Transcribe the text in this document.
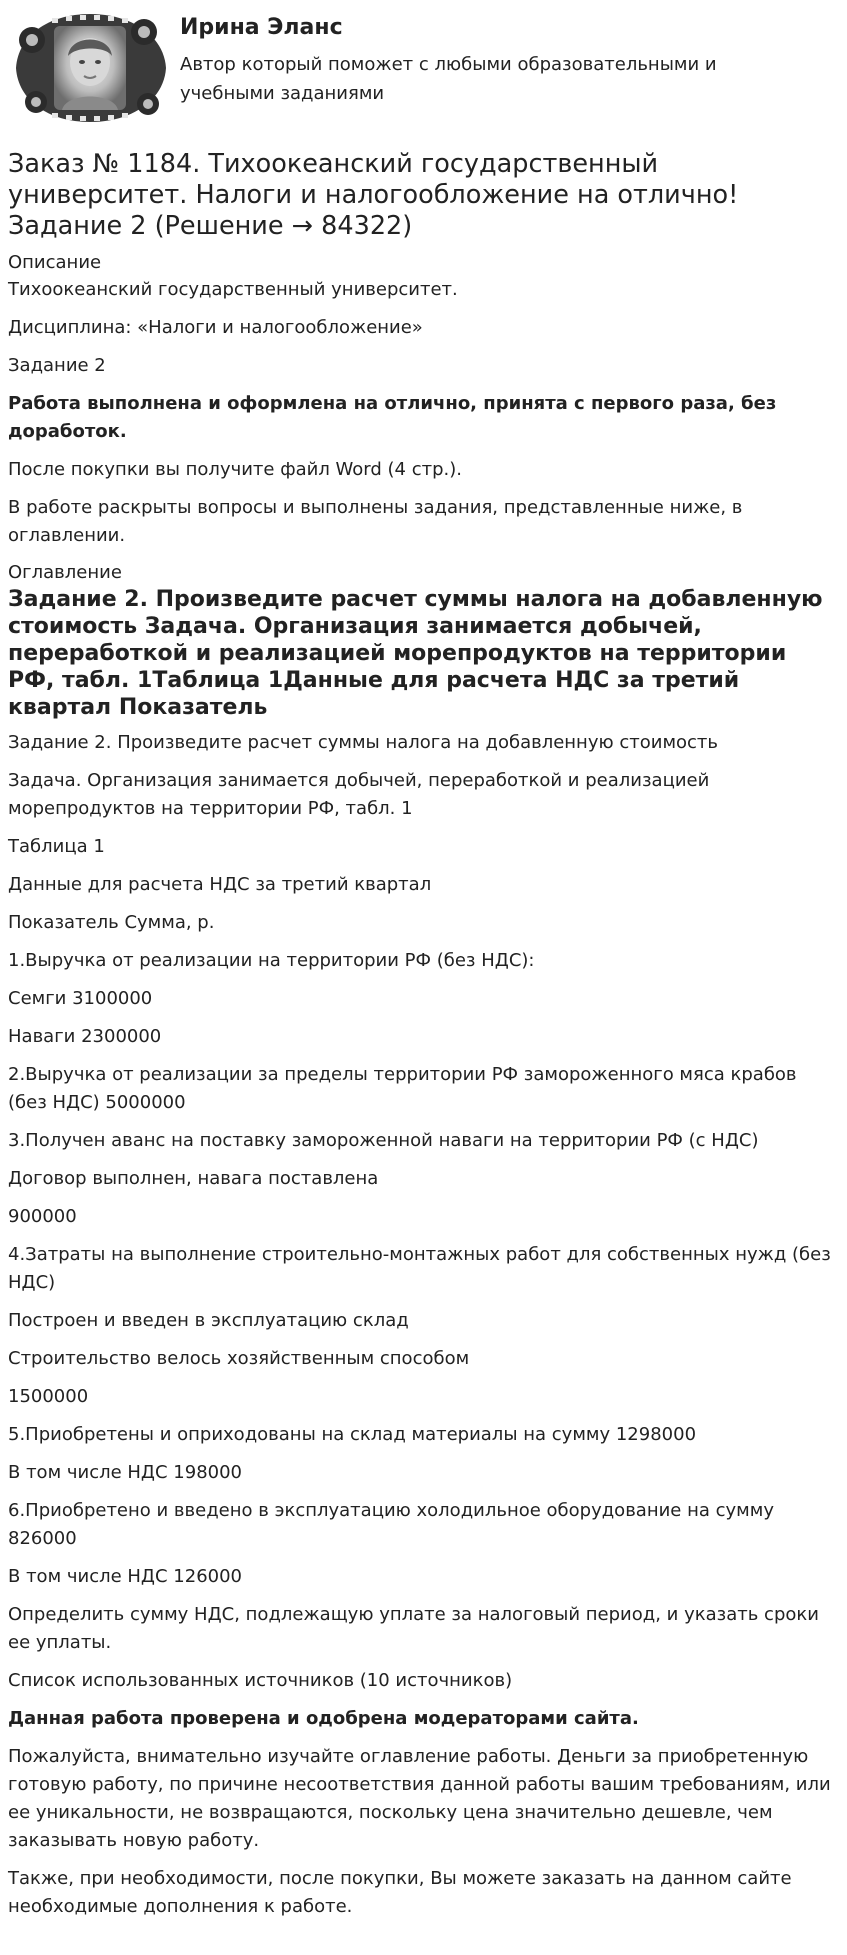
Ирина Эланс
Автор который поможет с любыми образовательными и учебными заданиями
Заказ № 1184. Тихоокеанский государственный университет. Налоги и налогообложение на отлично! Задание 2 (Решение → 84322)
Описание

Тихоокеанский государственный университет.

Дисциплина: «Налоги и налогообложение»

Задание 2

Работа выполнена и оформлена на отлично, принята с первого раза, без доработок.

После покупки вы получите файл Word (4 стр.).

В работе раскрыты вопросы и выполнены задания, представленные ниже, в оглавлении.

Оглавление
Задание 2. Произведите расчет суммы налога на добавленную стоимость Задача. Организация занимается добычей, переработкой и реализацией морепродуктов на территории РФ, табл. 1Таблица 1Данные для расчета НДС за третий квартал Показатель

Задание 2. Произведите расчет суммы налога на добавленную стоимость

Задача. Организация занимается добычей, переработкой и реализацией морепродуктов на территории РФ, табл. 1

Таблица 1

Данные для расчета НДС за третий квартал

Показатель Сумма, р.

1.Выручка от реализации на территории РФ (без НДС):

Семги 3100000

Наваги 2300000

2.Выручка от реализации за пределы территории РФ замороженного мяса крабов (без НДС) 5000000

3.Получен аванс на поставку замороженной наваги на территории РФ (с НДС)

Договор выполнен, навага поставлена

900000

4.Затраты на выполнение строительно-монтажных работ для собственных нужд (без НДС)

Построен и введен в эксплуатацию склад

Строительство велось хозяйственным способом

1500000

5.Приобретены и оприходованы на склад материалы на сумму 1298000

В том числе НДС 198000

6.Приобретено и введено в эксплуатацию холодильное оборудование на сумму 826000

В том числе НДС 126000

Определить сумму НДС, подлежащую уплате за налоговый период, и указать сроки ее уплаты.

Список использованных источников (10 источников)

Данная работа проверена и одобрена модераторами сайта.

Пожалуйста, внимательно изучайте оглавление работы. Деньги за приобретенную готовую работу, по причине несоответствия данной работы вашим требованиям, или ее уникальности, не возвращаются, поскольку цена значительно дешевле, чем заказывать новую работу.

Также, при необходимости, после покупки, Вы можете заказать на данном сайте необходимые дополнения к работе.
